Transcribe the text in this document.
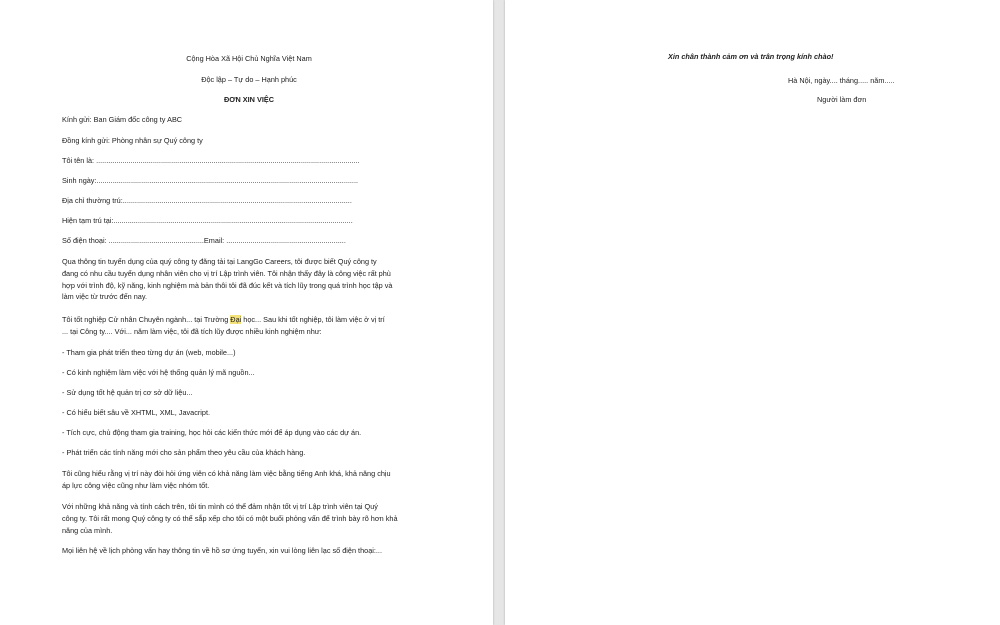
Cộng Hòa Xã Hội Chủ Nghĩa Việt Nam
Độc lập – Tự do – Hạnh phúc
ĐƠN XIN VIỆC
Kính gửi: Ban Giám đốc công ty ABC
Đồng kính gửi: Phòng nhân sự Quý công ty
Tôi tên là: ..................................................................................................................................
Sinh ngày:.................................................................................................................................
Địa chỉ thường trú:.................................................................................................................
Hiện tạm trú tại:......................................................................................................................
Số điện thoại: ...............................................Email: ...........................................................
Qua thông tin tuyển dụng của quý công ty đăng tải tại LangGo Careers, tôi được biết Quý công ty
đang có nhu cầu tuyển dụng nhân viên cho vị trí Lập trình viên. Tôi nhận thấy đây là công việc rất phù
hợp với trình độ, kỹ năng, kinh nghiệm mà bản thôi tôi đã đúc kết và tích lũy trong quá trình học tập và
làm việc từ trước đến nay.
Tôi tốt nghiệp Cử nhân Chuyên ngành... tại Trường Đại học... Sau khi tốt nghiệp, tôi làm việc ở vị trí
... tại Công ty.... Với... năm làm việc, tôi đã tích lũy được nhiều kinh nghiệm như:
- Tham gia phát triển theo từng dự án (web, mobile...)
- Có kinh nghiệm làm việc với hệ thống quản lý mã nguồn...
- Sử dụng tốt hệ quản trị cơ sở dữ liệu...
- Có hiểu biết sâu về XHTML, XML, Javacript.
- Tích cực, chủ động tham gia training, học hỏi các kiến thức mới để áp dụng vào các dự án.
- Phát triển các tính năng mới cho sản phẩm theo yêu cầu của khách hàng.
Tôi cũng hiểu rằng vị trí này đòi hỏi ứng viên có khả năng làm việc bằng tiếng Anh khá, khả năng chịu
áp lực công việc cũng như làm việc nhóm tốt.
Với những khả năng và tính cách trên, tôi tin mình có thể đảm nhận tốt vị trí Lập trình viên tại Quý
công ty. Tôi rất mong Quý công ty có thể sắp xếp cho tôi có một buổi phỏng vấn để trình bày rõ hơn khả
năng của mình.
Mọi liên hệ về lịch phỏng vấn hay thông tin về hồ sơ ứng tuyển, xin vui lòng liên lạc số điện thoại:...
Xin chân thành cảm ơn và trân trọng kính chào!
Hà Nội, ngày.... tháng..... năm.....
Người làm đơn
